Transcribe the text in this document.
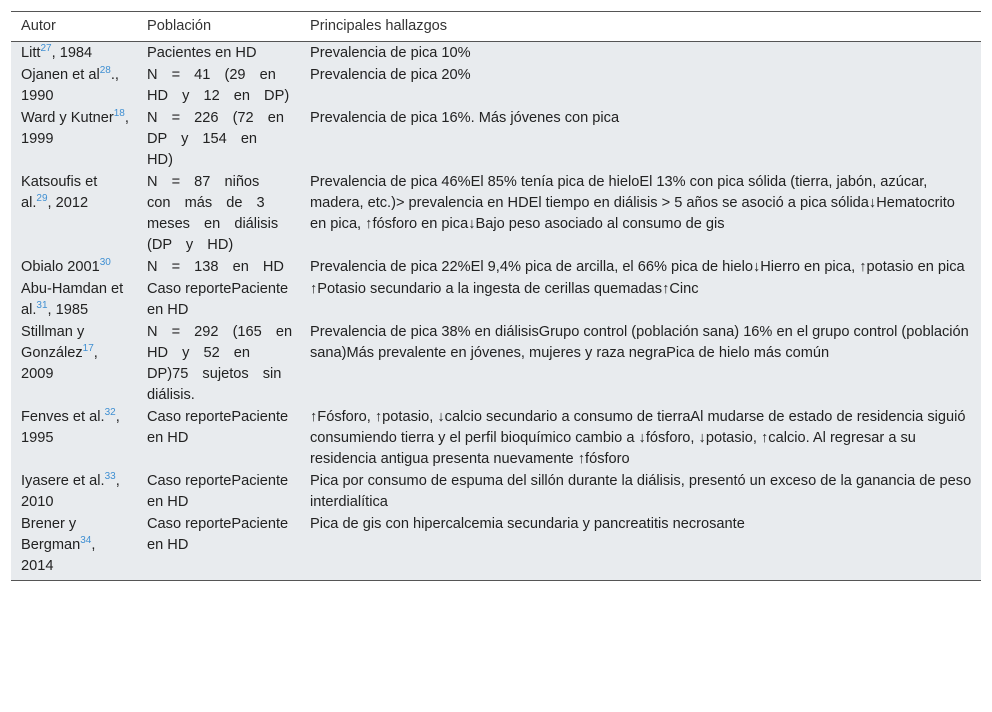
Autor	Población	Principales hallazgos
Litt$^{27}$, 1984	Pacientes en HD	Prevalencia de pica 10%
Ojanen et al$^{28}$., 1990	N = 41 (29 en HD y 12 en DP)	Prevalencia de pica 20%
Ward y Kutner$^{18}$, 1999	N = 226 (72 en DP y 154 en HD)	Prevalencia de pica 16%. Más jóvenes con pica
Katsoufis et al.$^{29}$, 2012	N = 87 niños con más de 3 meses en diálisis (DP y HD)	Prevalencia de pica 46%El 85% tenía pica de hieloEl 13% con pica sólida (tierra, jabón, azúcar, madera, etc.)> prevalencia en HDEl tiempo en diálisis > 5 años se asoció a pica sólida↓Hematocrito en pica, ↑fósforo en pica↓Bajo peso asociado al consumo de gis
Obialo 2001$^{30}$	N = 138 en HD	Prevalencia de pica 22%El 9,4% pica de arcilla, el 66% pica de hielo↓Hierro en pica, ↑potasio en pica
Abu-Hamdan et al.$^{31}$, 1985	Caso reportePaciente en HD	↑Potasio secundario a la ingesta de cerillas quemadas↑Cinc
Stillman y González$^{17}$, 2009	N = 292 (165 en HD y 52 en DP)75 sujetos sin diálisis.	Prevalencia de pica 38% en diálisisGrupo control (población sana) 16% en el grupo control (población sana)Más prevalente en jóvenes, mujeres y raza negraPica de hielo más común
Fenves et al.$^{32}$, 1995	Caso reportePaciente en HD	↑Fósforo, ↑potasio, ↓calcio secundario a consumo de tierraAl mudarse de estado de residencia siguió consumiendo tierra y el perfil bioquímico cambio a ↓fósforo, ↓potasio, ↑calcio. Al regresar a su residencia antigua presenta nuevamente ↑fósforo
Iyasere et al.$^{33}$, 2010	Caso reportePaciente en HD	Pica por consumo de espuma del sillón durante la diálisis, presentó un exceso de la ganancia de peso interdialítica
Brener y Bergman$^{34}$, 2014	Caso reportePaciente en HD	Pica de gis con hipercalcemia secundaria y pancreatitis necrosante
